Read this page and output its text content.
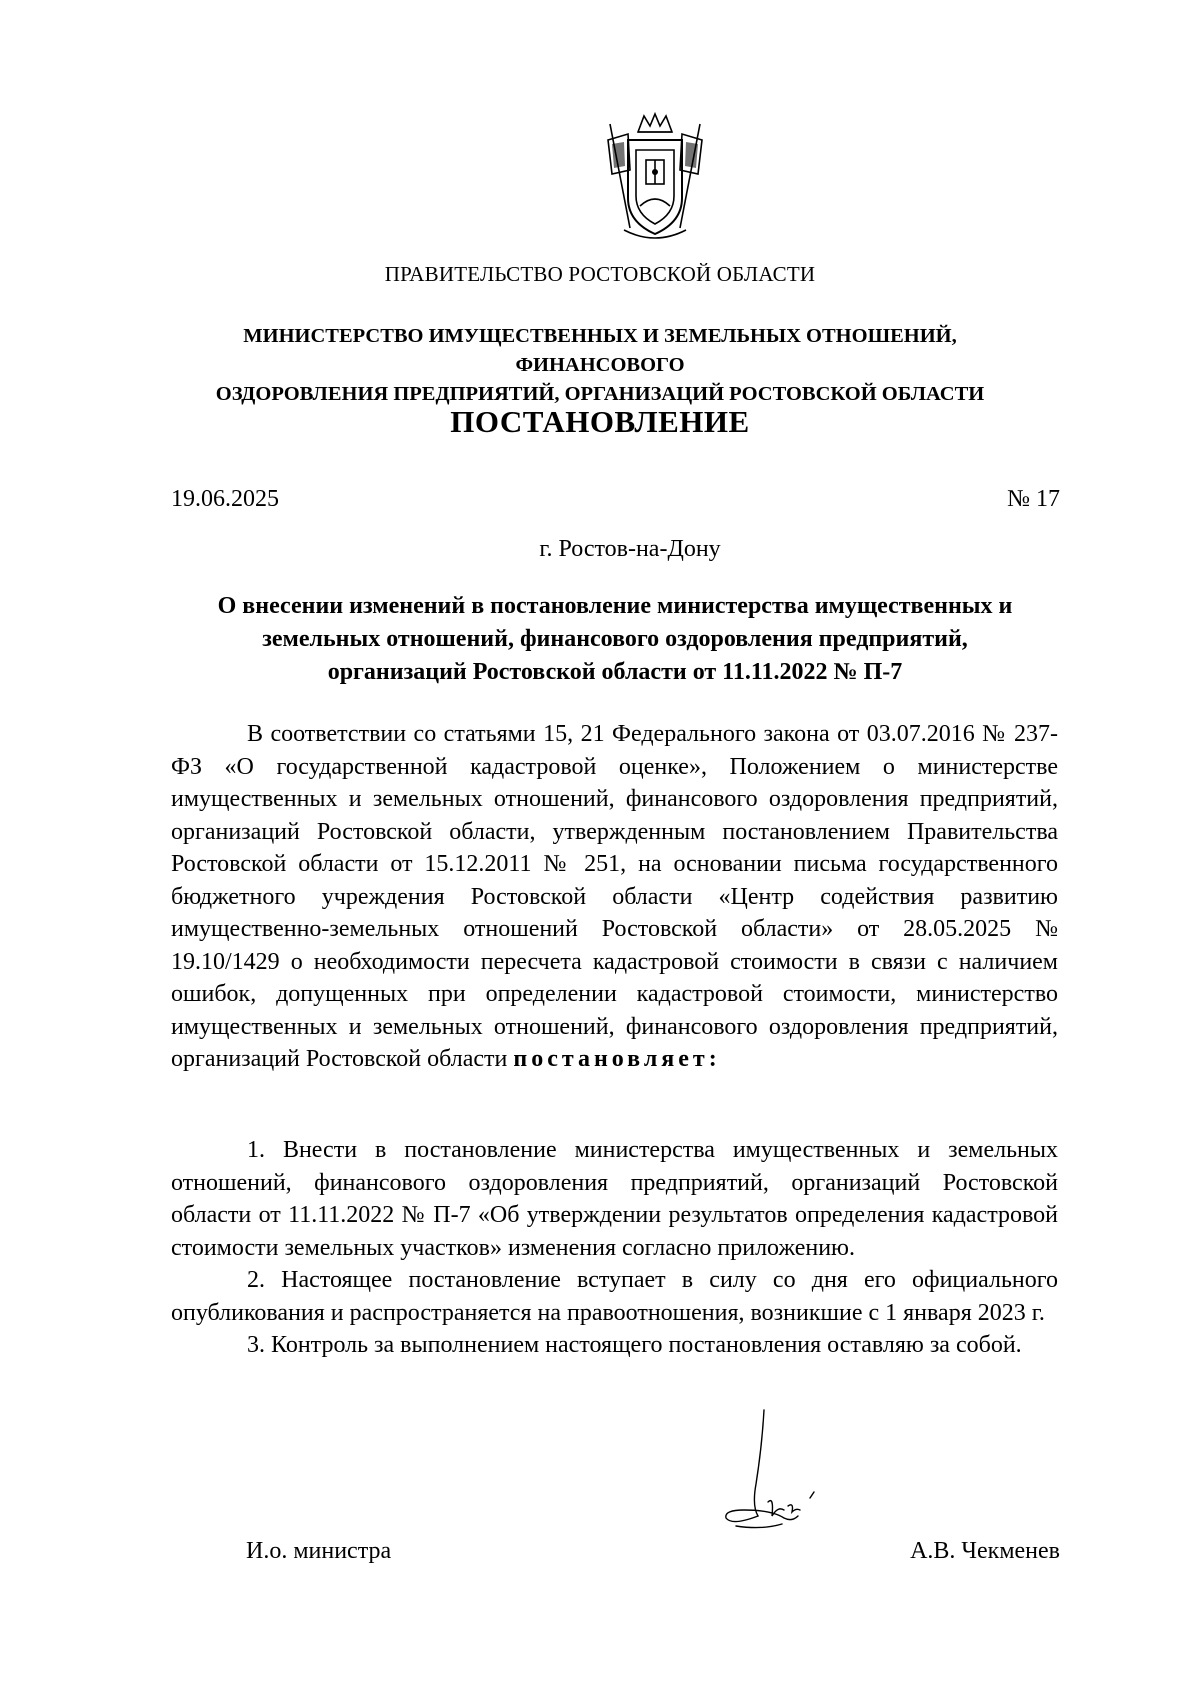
ПРАВИТЕЛЬСТВО РОСТОВСКОЙ ОБЛАСТИ
МИНИСТЕРСТВО ИМУЩЕСТВЕННЫХ И ЗЕМЕЛЬНЫХ ОТНОШЕНИЙ, ФИНАНСОВОГО
ОЗДОРОВЛЕНИЯ ПРЕДПРИЯТИЙ, ОРГАНИЗАЦИЙ РОСТОВСКОЙ ОБЛАСТИ
ПОСТАНОВЛЕНИЕ
19.06.2025	№ 17
г. Ростов-на-Дону
О внесении изменений в постановление министерства имущественных и
земельных отношений, финансового оздоровления предприятий,
организаций Ростовской области от 11.11.2022 № П-7

В соответствии со статьями 15, 21 Федерального закона от 03.07.2016 № 237-ФЗ «О государственной кадастровой оценке», Положением о министерстве имущественных и земельных отношений, финансового оздоровления предприятий, организаций Ростовской области, утвержденным постановлением Правительства Ростовской области от 15.12.2011 № 251, на основании письма государственного бюджетного учреждения Ростовской области «Центр содействия развитию имущественно-земельных отношений Ростовской области» от 28.05.2025 № 19.10/1429 о необходимости пересчета кадастровой стоимости в связи с наличием ошибок, допущенных при определении кадастровой стоимости, министерство имущественных и земельных отношений, финансового оздоровления предприятий, организаций Ростовской области постановляет:

1. Внести в постановление министерства имущественных и земельных отношений, финансового оздоровления предприятий, организаций Ростовской области от 11.11.2022 № П-7 «Об утверждении результатов определения кадастровой стоимости земельных участков» изменения согласно приложению.

2. Настоящее постановление вступает в силу со дня его официального опубликования и распространяется на правоотношения, возникшие с 1 января 2023 г.

3. Контроль за выполнением настоящего постановления оставляю за собой.

И.о. министра	А.В. Чекменев
